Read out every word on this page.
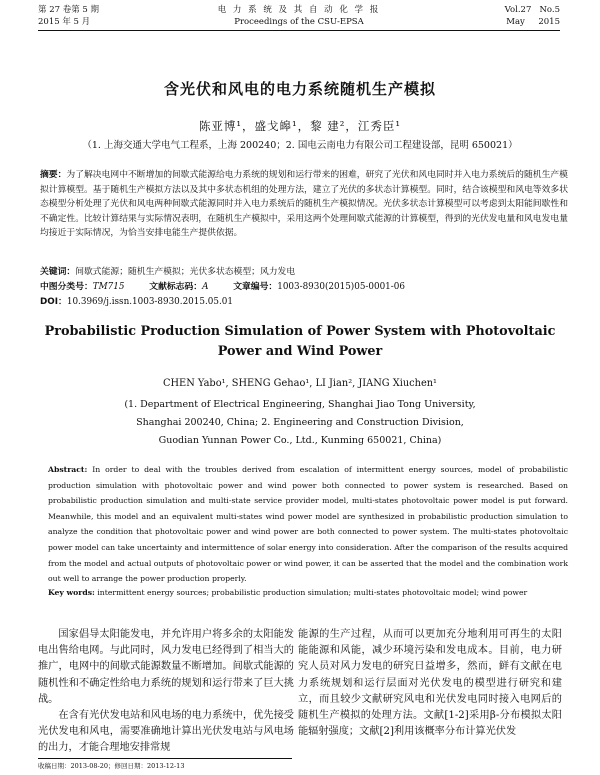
第 27 卷第 5 期
2015 年 5 月
电 力 系 统 及 其 自 动 化 学 报
Proceedings of the CSU-EPSA
Vol.27 No.5
May 2015
含光伏和风电的电力系统随机生产模拟
陈亚博¹，盛戈皞¹，黎 建²，江秀臣¹
（1. 上海交通大学电气工程系，上海 200240；2. 国电云南电力有限公司工程建设部，昆明 650021）
摘要：为了解决电网中不断增加的间歇式能源给电力系统的规划和运行带来的困难，研究了光伏和风电同时并入电力系统后的随机生产模拟计算模型。基于随机生产模拟方法以及其中多状态机组的处理方法，建立了光伏的多状态计算模型。同时，结合该模型和风电等效多状态模型分析处理了光伏和风电两种间歇式能源同时并入电力系统后的随机生产模拟情况。光伏多状态计算模型可以考虑到太阳能间歇性和不确定性。比较计算结果与实际情况表明，在随机生产模拟中，采用这两个处理间歇式能源的计算模型，得到的光伏发电量和风电发电量均接近于实际情况，为恰当安排电能生产提供依据。
关键词：间歇式能源；随机生产模拟；光伏多状态模型；风力发电
中图分类号：TM715	文献标志码：A	文章编号：1003-8930(2015)05-0001-06
DOI：10.3969/j.issn.1003-8930.2015.05.01
Probabilistic Production Simulation of Power System with Photovoltaic
Power and Wind Power
CHEN Yabo¹, SHENG Gehao¹, LI Jian², JIANG Xiuchen¹
(1. Department of Electrical Engineering, Shanghai Jiao Tong University,
Shanghai 200240, China; 2. Engineering and Construction Division,
Guodian Yunnan Power Co., Ltd., Kunming 650021, China)
Abstract: In order to deal with the troubles derived from escalation of intermittent energy sources, model of probabilistic production simulation with photovoltaic power and wind power both connected to power system is researched. Based on probabilistic production simulation and multi-state service provider model, multi-states photovoltaic power model is put forward. Meanwhile, this model and an equivalent multi-states wind power model are synthesized in probabilistic production simulation to analyze the condition that photovoltaic power and wind power are both connected to power system. The multi-states photovoltaic power model can take uncertainty and intermittence of solar energy into consideration. After the comparison of the results acquired from the model and actual outputs of photovoltaic power or wind power, it can be asserted that the model and the combination work out well to arrange the power production properly.
Key words: intermittent energy sources; probabilistic production simulation; multi-states photovoltaic model; wind power

国家倡导太阳能发电，并允许用户将多余的太阳能发电出售给电网。与此同时，风力发电已经得到了相当大的推广，电网中的间歇式能源数量不断增加。间歇式能源的随机性和不确定性给电力系统的规划和运行带来了巨大挑战。

在含有光伏发电站和风电场的电力系统中，优先接受光伏发电和风电，需要准确地计算出光伏发电站与风电场的出力，才能合理地安排常规

能源的生产过程，从而可以更加充分地利用可再生的太阳能能源和风能，减少环境污染和发电成本。目前，电力研究人员对风力发电的研究日益增多，然而，鲜有文献在电力系统规划和运行层面对光伏发电的模型进行研究和建立，而且较少文献研究风电和光伏发电同时接入电网后的随机生产模拟的处理方法。文献[1-2]采用β-分布模拟太阳能辐射强度；文献[2]利用该概率分布计算光伏发

收稿日期：2013-08-20；修回日期：2013-12-13
